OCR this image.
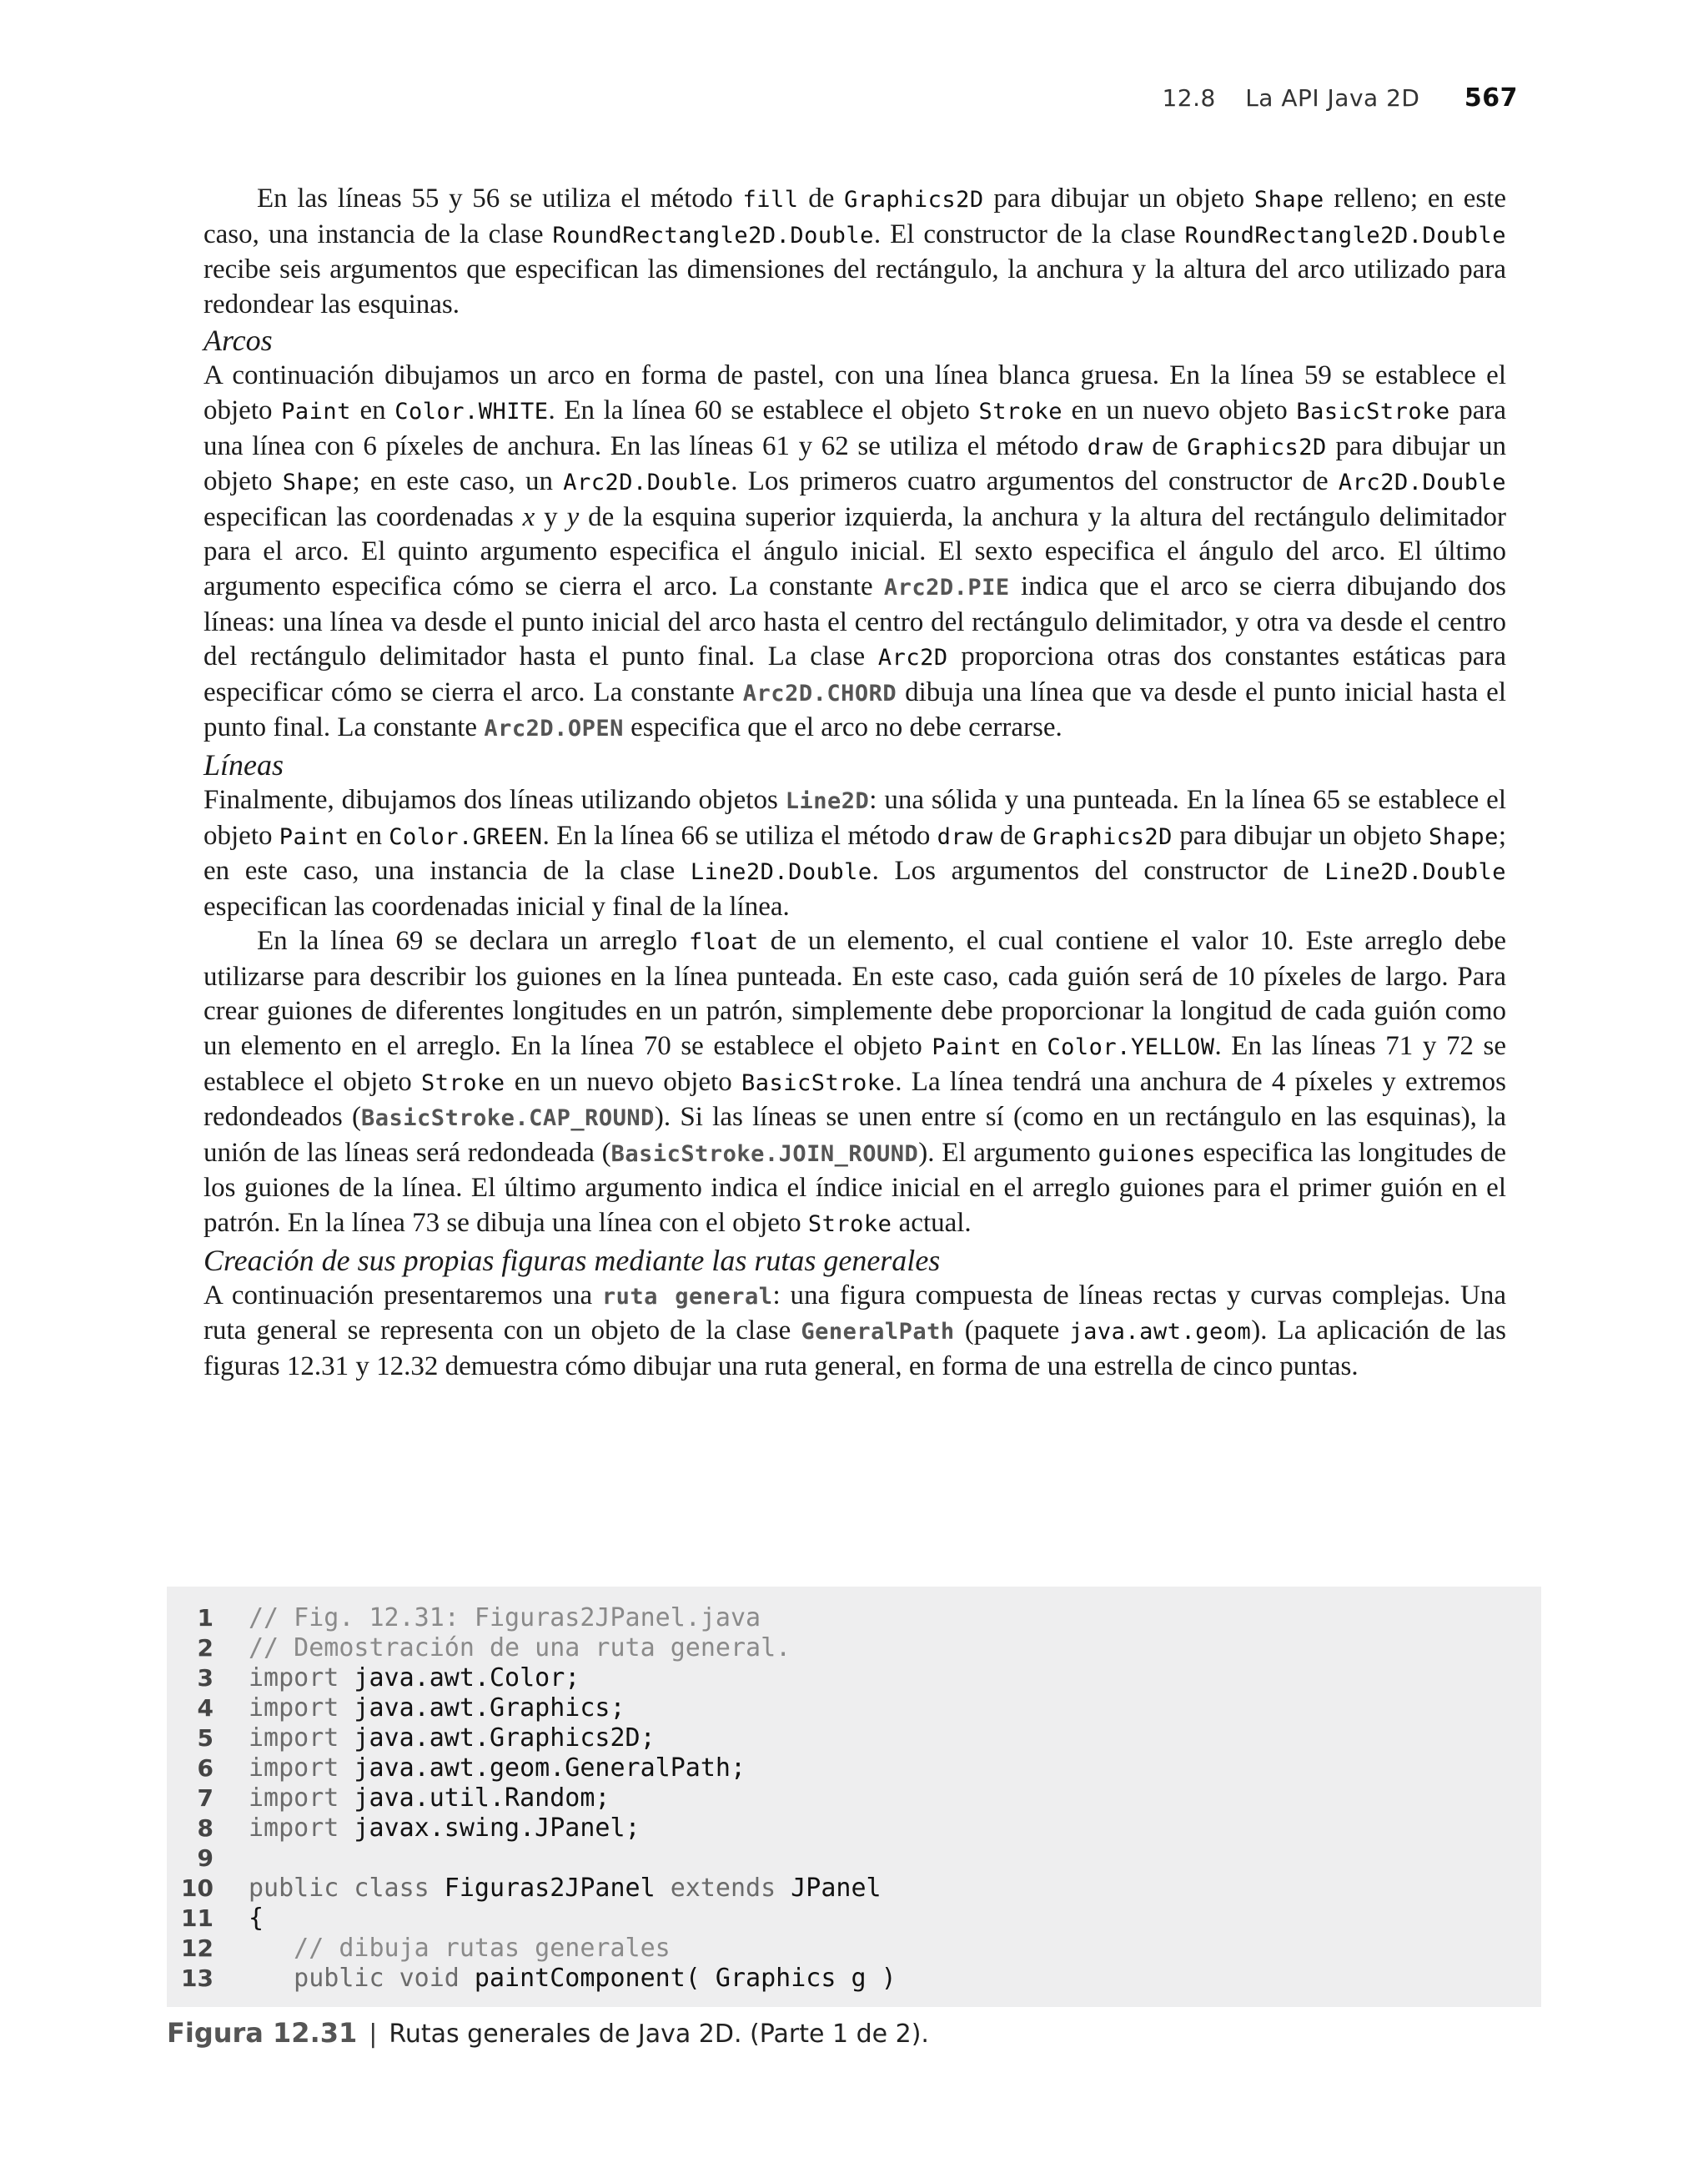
12.8 La API Java 2D 567

En las líneas 55 y 56 se utiliza el método fill de Graphics2D para dibujar un objeto Shape relleno; en este caso, una instancia de la clase RoundRectangle2D.Double. El constructor de la clase RoundRectangle2D.Double recibe seis argumentos que especifican las dimensiones del rectángulo, la anchura y la altura del arco utilizado para redondear las esquinas.

Arcos

A continuación dibujamos un arco en forma de pastel, con una línea blanca gruesa. En la línea 59 se establece el objeto Paint en Color.WHITE. En la línea 60 se establece el objeto Stroke en un nuevo objeto BasicStroke para una línea con 6 píxeles de anchura. En las líneas 61 y 62 se utiliza el método draw de Graphics2D para dibujar un objeto Shape; en este caso, un Arc2D.Double. Los primeros cuatro argumentos del constructor de Arc2D.Double especifican las coordenadas x y y de la esquina superior izquierda, la anchura y la altura del rectángulo delimitador para el arco. El quinto argumento especifica el ángulo inicial. El sexto especifica el ángulo del arco. El último argumento especifica cómo se cierra el arco. La constante Arc2D.PIE indica que el arco se cierra dibujando dos líneas: una línea va desde el punto inicial del arco hasta el centro del rectángulo delimitador, y otra va desde el centro del rectángulo delimitador hasta el punto final. La clase Arc2D proporciona otras dos constantes estáticas para especificar cómo se cierra el arco. La constante Arc2D.CHORD dibuja una línea que va desde el punto inicial hasta el punto final. La constante Arc2D.OPEN especifica que el arco no debe cerrarse.

Líneas

Finalmente, dibujamos dos líneas utilizando objetos Line2D: una sólida y una punteada. En la línea 65 se establece el objeto Paint en Color.GREEN. En la línea 66 se utiliza el método draw de Graphics2D para dibujar un objeto Shape; en este caso, una instancia de la clase Line2D.Double. Los argumentos del constructor de Line2D.Double especifican las coordenadas inicial y final de la línea.

En la línea 69 se declara un arreglo float de un elemento, el cual contiene el valor 10. Este arreglo debe utilizarse para describir los guiones en la línea punteada. En este caso, cada guión será de 10 píxeles de largo. Para crear guiones de diferentes longitudes en un patrón, simplemente debe proporcionar la longitud de cada guión como un elemento en el arreglo. En la línea 70 se establece el objeto Paint en Color.YELLOW. En las líneas 71 y 72 se establece el objeto Stroke en un nuevo objeto BasicStroke. La línea tendrá una anchura de 4 píxeles y extremos redondeados (BasicStroke.CAP_ROUND). Si las líneas se unen entre sí (como en un rectángulo en las esquinas), la unión de las líneas será redondeada (BasicStroke.JOIN_ROUND). El argumento guiones especifica las longitudes de los guiones de la línea. El último argumento indica el índice inicial en el arreglo guiones para el primer guión en el patrón. En la línea 73 se dibuja una línea con el objeto Stroke actual.

Creación de sus propias figuras mediante las rutas generales

A continuación presentaremos una ruta general: una figura compuesta de líneas rectas y curvas complejas. Una ruta general se representa con un objeto de la clase GeneralPath (paquete java.awt.geom). La aplicación de las figuras 12.31 y 12.32 demuestra cómo dibujar una ruta general, en forma de una estrella de cinco puntas.

1 // Fig. 12.31: Figuras2JPanel.java
2 // Demostración de una ruta general.
3 import java.awt.Color;
4 import java.awt.Graphics;
5 import java.awt.Graphics2D;
6 import java.awt.geom.GeneralPath;
7 import java.util.Random;
8 import javax.swing.JPanel;
9
10 public class Figuras2JPanel extends JPanel
11 {
12   // dibuja rutas generales
13   public void paintComponent( Graphics g )
Figura 12.31 | Rutas generales de Java 2D. (Parte 1 de 2).
